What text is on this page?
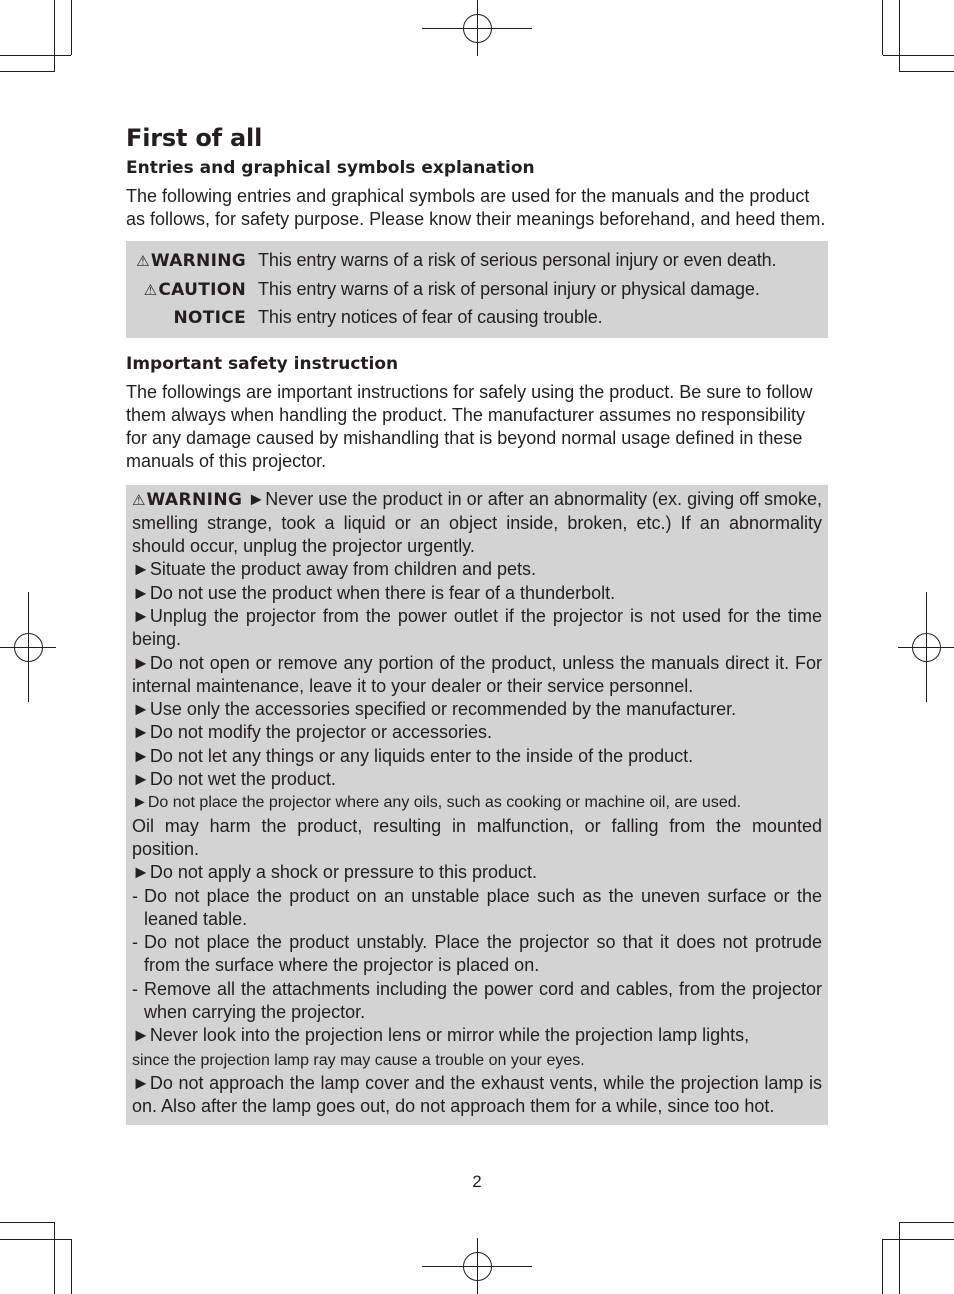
First of all
Entries and graphical symbols explanation

The following entries and graphical symbols are used for the manuals and the product as follows, for safety purpose. Please know their meanings beforehand, and heed them.

⚠WARNING This entry warns of a risk of serious personal injury or even death.
⚠CAUTION This entry warns of a risk of personal injury or physical damage.
NOTICE This entry notices of fear of causing trouble.
Important safety instruction

The followings are important instructions for safely using the product. Be sure to follow them always when handling the product. The manufacturer assumes no responsibility for any damage caused by mishandling that is beyond normal usage defined in these manuals of this projector.

⚠WARNING ►Never use the product in or after an abnormality (ex. giving off smoke, smelling strange, took a liquid or an object inside, broken, etc.) If an abnormality should occur, unplug the projector urgently.

►Situate the product away from children and pets.

►Do not use the product when there is fear of a thunderbolt.

►Unplug the projector from the power outlet if the projector is not used for the time being.

►Do not open or remove any portion of the product, unless the manuals direct it. For internal maintenance, leave it to your dealer or their service personnel.

►Use only the accessories specified or recommended by the manufacturer.

►Do not modify the projector or accessories.

►Do not let any things or any liquids enter to the inside of the product.

►Do not wet the product.

►Do not place the projector where any oils, such as cooking or machine oil, are used.

Oil may harm the product, resulting in malfunction, or falling from the mounted position.

►Do not apply a shock or pressure to this product.

- Do not place the product on an unstable place such as the uneven surface or the leaned table.
- Do not place the product unstably. Place the projector so that it does not protrude from the surface where the projector is placed on.
- Remove all the attachments including the power cord and cables, from the projector when carrying the projector.

►Never look into the projection lens or mirror while the projection lamp lights,
since the projection lamp ray may cause a trouble on your eyes.

►Do not approach the lamp cover and the exhaust vents, while the projection lamp is on. Also after the lamp goes out, do not approach them for a while, since too hot.

2
